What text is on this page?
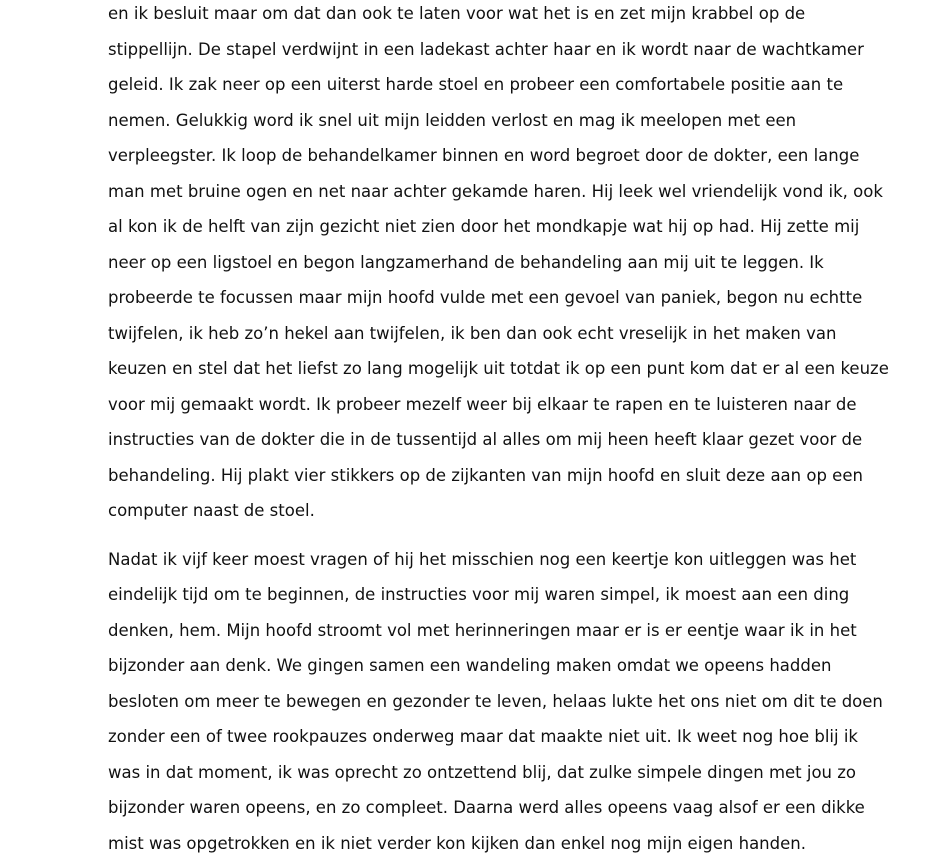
en ik besluit maar om dat dan ook te laten voor wat het is en zet mijn krabbel op de
stippellijn. De stapel verdwijnt in een ladekast achter haar en ik wordt naar de wachtkamer
geleid. Ik zak neer op een uiterst harde stoel en probeer een comfortabele positie aan te
nemen. Gelukkig word ik snel uit mijn leidden verlost en mag ik meelopen met een
verpleegster. Ik loop de behandelkamer binnen en word begroet door de dokter, een lange
man met bruine ogen en net naar achter gekamde haren. Hij leek wel vriendelijk vond ik, ook
al kon ik de helft van zijn gezicht niet zien door het mondkapje wat hij op had. Hij zette mij
neer op een ligstoel en begon langzamerhand de behandeling aan mij uit te leggen. Ik
probeerde te focussen maar mijn hoofd vulde met een gevoel van paniek, begon nu echtte
twijfelen, ik heb zo’n hekel aan twijfelen, ik ben dan ook echt vreselijk in het maken van
keuzen en stel dat het liefst zo lang mogelijk uit totdat ik op een punt kom dat er al een keuze
voor mij gemaakt wordt. Ik probeer mezelf weer bij elkaar te rapen en te luisteren naar de
instructies van de dokter die in de tussentijd al alles om mij heen heeft klaar gezet voor de
behandeling. Hij plakt vier stikkers op de zijkanten van mijn hoofd en sluit deze aan op een
computer naast de stoel.

Nadat ik vijf keer moest vragen of hij het misschien nog een keertje kon uitleggen was het
eindelijk tijd om te beginnen, de instructies voor mij waren simpel, ik moest aan een ding
denken, hem. Mijn hoofd stroomt vol met herinneringen maar er is er eentje waar ik in het
bijzonder aan denk. We gingen samen een wandeling maken omdat we opeens hadden
besloten om meer te bewegen en gezonder te leven, helaas lukte het ons niet om dit te doen
zonder een of twee rookpauzes onderweg maar dat maakte niet uit. Ik weet nog hoe blij ik
was in dat moment, ik was oprecht zo ontzettend blij, dat zulke simpele dingen met jou zo
bijzonder waren opeens, en zo compleet. Daarna werd alles opeens vaag alsof er een dikke
mist was opgetrokken en ik niet verder kon kijken dan enkel nog mijn eigen handen.
